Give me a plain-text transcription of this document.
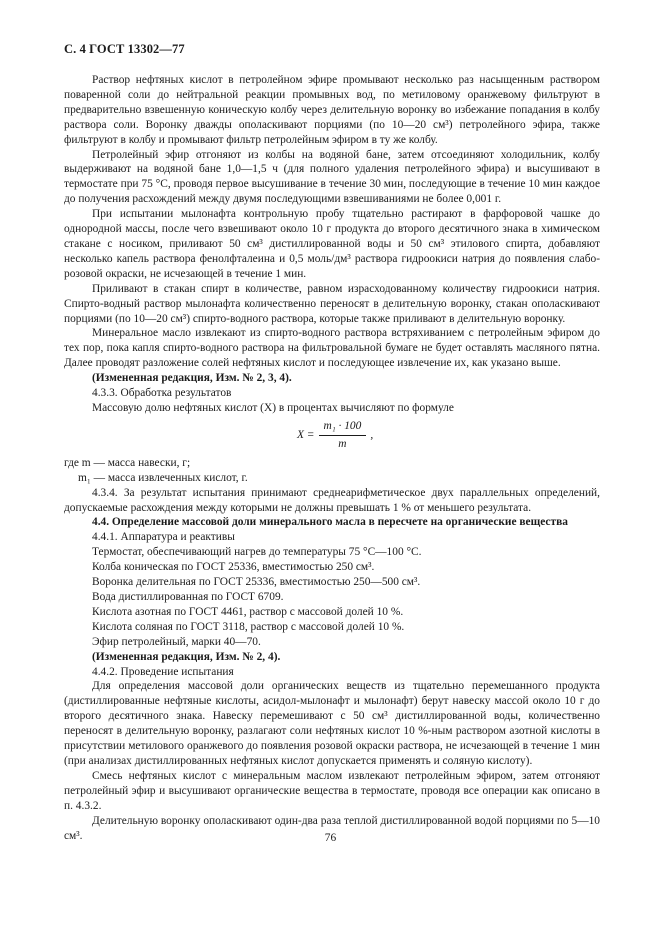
С. 4 ГОСТ 13302—77

Раствор нефтяных кислот в петролейном эфире промывают несколько раз насыщенным раствором поваренной соли до нейтральной реакции промывных вод, по метиловому оранжевому фильтруют в предварительно взвешенную коническую колбу через делительную воронку во избежание попадания в колбу раствора соли. Воронку дважды ополаскивают порциями (по 10—20 см³) петролейного эфира, также фильтруют в колбу и промывают фильтр петролейным эфиром в ту же колбу.

Петролейный эфир отгоняют из колбы на водяной бане, затем отсоединяют холодильник, колбу выдерживают на водяной бане 1,0—1,5 ч (для полного удаления петролейного эфира) и высушивают в термостате при 75 °С, проводя первое высушивание в течение 30 мин, последующие в течение 10 мин каждое до получения расхождений между двумя последующими взвешиваниями не более 0,001 г.

При испытании мылонафта контрольную пробу тщательно растирают в фарфоровой чашке до однородной массы, после чего взвешивают около 10 г продукта до второго десятичного знака в химическом стакане с носиком, приливают 50 см³ дистиллированной воды и 50 см³ этилового спирта, добавляют несколько капель раствора фенолфталеина и 0,5 моль/дм³ раствора гидроокиси натрия до появления слабо-розовой окраски, не исчезающей в течение 1 мин.

Приливают в стакан спирт в количестве, равном израсходованному количеству гидроокиси натрия. Спирто-водный раствор мылонафта количественно переносят в делительную воронку, стакан ополаскивают порциями (по 10—20 см³) спирто-водного раствора, которые также приливают в делительную воронку.

Минеральное масло извлекают из спирто-водного раствора встряхиванием с петролейным эфиром до тех пор, пока капля спирто-водного раствора на фильтровальной бумаге не будет оставлять масляного пятна. Далее проводят разложение солей нефтяных кислот и последующее извлечение их, как указано выше.

(Измененная редакция, Изм. № 2, 3, 4).

4.3.3. Обработка результатов

Массовую долю нефтяных кислот (X) в процентах вычисляют по формуле

$X = \frac{\text{m₁ · 100}}{m}$ ,

где m — масса навески, г;

m₁ — масса извлеченных кислот, г.

4.3.4. За результат испытания принимают среднеарифметическое двух параллельных определений, допускаемые расхождения между которыми не должны превышать 1 % от меньшего результата.

4.4. Определение массовой доли минерального масла в пересчете на органические вещества

4.4.1. Аппаратура и реактивы

Термостат, обеспечивающий нагрев до температуры 75 °С—100 °С.

Колба коническая по ГОСТ 25336, вместимостью 250 см³.

Воронка делительная по ГОСТ 25336, вместимостью 250—500 см³.

Вода дистиллированная по ГОСТ 6709.

Кислота азотная по ГОСТ 4461, раствор с массовой долей 10 %.

Кислота соляная по ГОСТ 3118, раствор с массовой долей 10 %.

Эфир петролейный, марки 40—70.

(Измененная редакция, Изм. № 2, 4).

4.4.2. Проведение испытания

Для определения массовой доли органических веществ из тщательно перемешанного продукта (дистиллированные нефтяные кислоты, асидол-мылонафт и мылонафт) берут навеску массой около 10 г до второго десятичного знака. Навеску перемешивают с 50 см³ дистиллированной воды, количественно переносят в делительную воронку, разлагают соли нефтяных кислот 10 %-ным раствором азотной кислоты в присутствии метилового оранжевого до появления розовой окраски раствора, не исчезающей в течение 1 мин (при анализах дистиллированных нефтяных кислот допускается применять и соляную кислоту).

Смесь нефтяных кислот с минеральным маслом извлекают петролейным эфиром, затем отгоняют петролейный эфир и высушивают органические вещества в термостате, проводя все операции как описано в п. 4.3.2.

Делительную воронку ополаскивают один-два раза теплой дистиллированной водой порциями по 5—10 см³.	76
